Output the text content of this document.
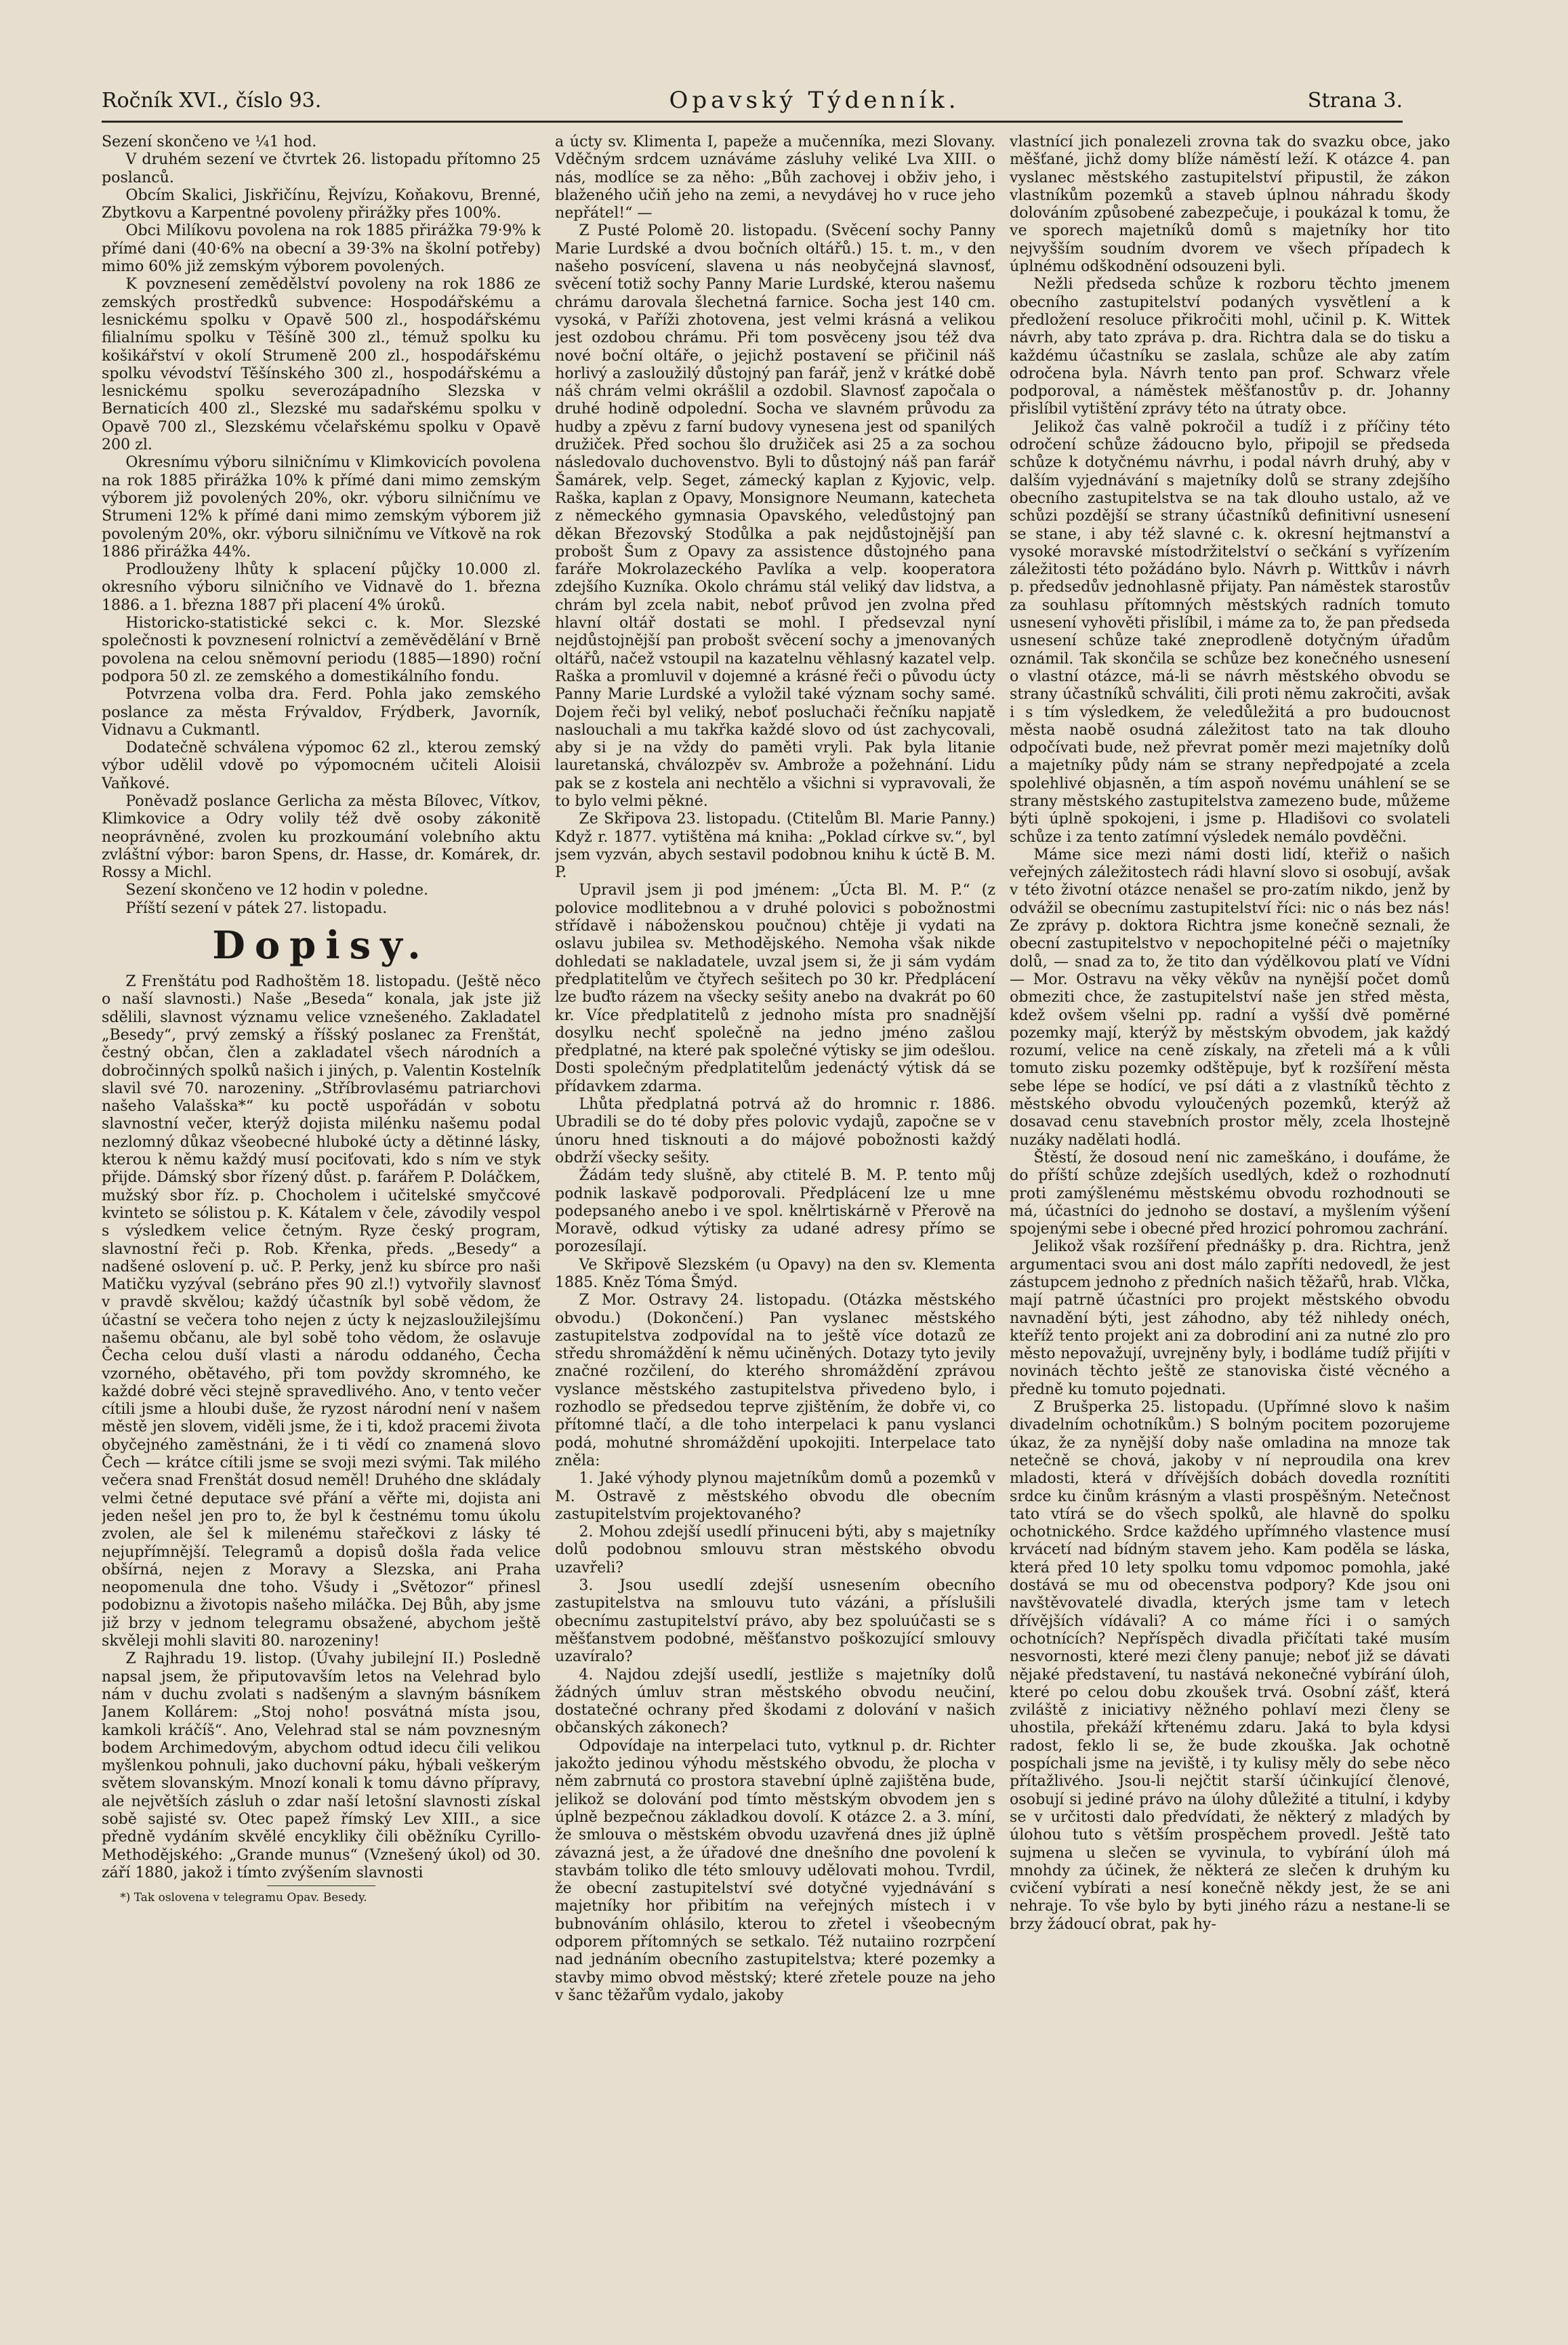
Ročník XVI., číslo 93.	Opavský Týdenník.	Strana 3.

Sezení skončeno ve ¼1 hod.

V druhém sezení ve čtvrtek 26. listopadu přítomno 25 poslanců.

Obcím Skalici, Jiskřičínu, Řejvízu, Koňakovu, Brenné, Zbytkovu a Karpentné povoleny přirážky přes 100%.

Obci Milíkovu povolena na rok 1885 přirážka 79·9% k přímé dani (40·6% na obecní a 39·3% na školní potřeby) mimo 60% již zemským výborem povolených.

K povznesení zemědělství povoleny na rok 1886 ze zemských prostředků subvence: Hospodářskému a lesnickému spolku v Opavě 500 zl., hospodářskému filialnímu spolku v Těšíně 300 zl., témuž spolku ku košikářství v okolí Strumeně 200 zl., hospodářskému spolku vévodství Těšínského 300 zl., hospodářskému a lesnickému spolku severozápadního Slezska v Bernaticích 400 zl., Slezské mu sadařskému spolku v Opavě 700 zl., Slezskému včelařskému spolku v Opavě 200 zl.

Okresnímu výboru silničnímu v Klimkovicích povolena na rok 1885 přirážka 10% k přímé dani mimo zemským výborem již povolených 20%, okr. výboru silničnímu ve Strumeni 12% k přímé dani mimo zemským výborem již povoleným 20%, okr. výboru silničnímu ve Vítkově na rok 1886 přirážka 44%.

Prodlouženy lhůty k splacení půjčky 10.000 zl. okresního výboru silničního ve Vidnavě do 1. března 1886. a 1. března 1887 při placení 4% úroků.

Historicko-statistické sekci c. k. Mor. Slezské společnosti k povznesení rolnictví a zeměvědělání v Brně povolena na celou sněmovní periodu (1885—1890) roční podpora 50 zl. ze zemského a domestikálního fondu.

Potvrzena volba dra. Ferd. Pohla jako zemského poslance za města Frývaldov, Frýdberk, Javorník, Vidnavu a Cukmantl.

Dodatečně schválena výpomoc 62 zl., kterou zemský výbor udělil vdově po výpomocném učiteli Aloisii Vaňkové.

Poněvadž poslance Gerlicha za města Bílovec, Vítkov, Klimkovice a Odry volily též dvě osoby zákonitě neoprávněné, zvolen ku prozkoumání volebního aktu zvláštní výbor: baron Spens, dr. Hasse, dr. Komárek, dr. Rossy a Michl.

Sezení skončeno ve 12 hodin v poledne.

Příští sezení v pátek 27. listopadu.

Dopisy.

Z Frenštátu pod Radhoštěm 18. listopadu. (Ještě něco o naší slavnosti.) Naše „Beseda“ konala, jak jste již sdělili, slavnost významu velice vznešeného. Zakladatel „Besedy“, prvý zemský a říšský poslanec za Frenštát, čestný občan, člen a zakladatel všech národních a dobročinných spolků našich i jiných, p. Valentin Kostelník slavil své 70. narozeniny. „Stříbrovlasému patriarchovi našeho Valašska*“ ku poctě uspořádán v sobotu slavnostní večer, kterýž dojista milénku našemu podal nezlomný důkaz všeobecné hluboké úcty a dětinné lásky, kterou k němu každý musí pociťovati, kdo s ním ve styk přijde. Dámský sbor řízený důst. p. farářem P. Doláčkem, mužský sbor říz. p. Chocholem i učitelské smyčcové kvinteto se sólistou p. K. Kátalem v čele, závodily vespol s výsledkem velice četným. Ryze český program, slavnostní řeči p. Rob. Křenka, předs. „Besedy“ a nadšené oslovení p. uč. P. Perky, jenž ku sbírce pro naši Matičku vyzýval (sebráno přes 90 zl.!) vytvořily slavnosť v pravdě skvělou; každý účastník byl sobě vědom, že účastní se večera toho nejen z úcty k nejzasloužilejšímu našemu občanu, ale byl sobě toho vědom, že oslavuje Čecha celou duší vlasti a národu oddaného, Čecha vzorného, obětavého, při tom povždy skromného, ke každé dobré věci stejně spravedlivého. Ano, v tento večer cítili jsme a hloubi duše, že ryzost národní není v našem městě jen slovem, viděli jsme, že i ti, kdož pracemi života obyčejného zaměstnáni, že i ti vědí co znamená slovo Čech — krátce cítili jsme se svoji mezi svými. Tak milého večera snad Frenštát dosud neměl! Druhého dne skládaly velmi četné deputace své přání a věřte mi, dojista ani jeden nešel jen pro to, že byl k čestnému tomu úkolu zvolen, ale šel k milenému stařečkovi z lásky té nejupřímnější. Telegramů a dopisů došla řada velice obšírná, nejen z Moravy a Slezska, ani Praha neopomenula dne toho. Všudy i „Světozor“ přinesl podobiznu a životopis našeho miláčka. Dej Bůh, aby jsme již brzy v jednom telegramu obsažené, abychom ještě skvěleji mohli slaviti 80. narozeniny!

Z Rajhradu 19. listop. (Úvahy jubilejní II.) Posledně napsal jsem, že připutovavším letos na Velehrad bylo nám v duchu zvolati s nadšeným a slavným básníkem Janem Kollárem: „Stoj noho! posvátná místa jsou, kamkoli kráčíš“. Ano, Velehrad stal se nám povznesným bodem Archimedovým, abychom odtud idecu čili velikou myšlenkou pohnuli, jako duchovní páku, hýbali veškerým světem slovanským. Mnozí konali k tomu dávno přípravy, ale největších zásluh o zdar naší letošní slavnosti získal sobě sajisté sv. Otec papež římský Lev XIII., a sice předně vydáním skvělé encykliky čili oběžníku Cyrillo-Methodějského: „Grande munus“ (Vznešený úkol) od 30. září 1880, jakož i tímto zvýšením slavnosti

*) Tak oslovena v telegramu Opav. Besedy.

a úcty sv. Klimenta I, papeže a mučenníka, mezi Slovany. Vděčným srdcem uznáváme zásluhy veliké Lva XIII. o nás, modlíce se za něho: „Bůh zachovej i obživ jeho, i blaženého učiň jeho na zemi, a nevydávej ho v ruce jeho nepřátel!“ —

Z Pusté Polomě 20. listopadu. (Svěcení sochy Panny Marie Lurdské a dvou bočních oltářů.) 15. t. m., v den našeho posvícení, slavena u nás neobyčejná slavnosť, svěcení totiž sochy Panny Marie Lurdské, kterou našemu chrámu darovala šlechetná farnice. Socha jest 140 cm. vysoká, v Paříži zhotovena, jest velmi krásná a velikou jest ozdobou chrámu. Při tom posvěceny jsou též dva nové boční oltáře, o jejichž postavení se přičinil náš horlivý a zasloužilý důstojný pan farář, jenž v krátké době náš chrám velmi okrášlil a ozdobil. Slavnosť započala o druhé hodině odpolední. Socha ve slavném průvodu za hudby a zpěvu z farní budovy vynesena jest od spanilých družiček. Před sochou šlo družiček asi 25 a za sochou následovalo duchovenstvo. Byli to důstojný náš pan farář Šamárek, velp. Seget, zámecký kaplan z Kyjovic, velp. Raška, kaplan z Opavy, Monsignore Neumann, katecheta z německého gymnasia Opavského, veledůstojný pan děkan Březovský Stodůlka a pak nejdůstojnější pan probošt Šum z Opavy za assistence důstojného pana faráře Mokrolazeckého Pavlíka a velp. kooperatora zdejšího Kuzníka. Okolo chrámu stál veliký dav lidstva, a chrám byl zcela nabit, neboť průvod jen zvolna před hlavní oltář dostati se mohl. I předsevzal nyní nejdůstojnější pan probošt svěcení sochy a jmenovaných oltářů, načež vstoupil na kazatelnu věhlasný kazatel velp. Raška a promluvil v dojemné a krásné řeči o původu úcty Panny Marie Lurdské a vyložil také význam sochy samé. Dojem řeči byl veliký, neboť posluchači řečníku napjatě naslouchali a mu takřka každé slovo od úst zachycovali, aby si je na vždy do paměti vryli. Pak byla litanie lauretanská, chválozpěv sv. Ambrože a požehnání. Lidu pak se z kostela ani nechtělo a všichni si vypravovali, že to bylo velmi pěkné.

Ze Skřipova 23. listopadu. (Ctitelům Bl. Marie Panny.) Když r. 1877. vytištěna má kniha: „Poklad církve sv.“, byl jsem vyzván, abych sestavil podobnou knihu k úctě B. M. P.

Upravil jsem ji pod jménem: „Úcta Bl. M. P.“ (z polovice modlitebnou a v druhé polovici s pobožnostmi střídavě i náboženskou poučnou) chtěje ji vydati na oslavu jubilea sv. Methodějského. Nemoha však nikde dohledati se nakladatele, uvzal jsem si, že ji sám vydám předplatitelům ve čtyřech sešitech po 30 kr. Předplácení lze buďto rázem na všecky sešity anebo na dvakrát po 60 kr. Více předplatitelů z jednoho místa pro snadnější dosylku nechť společně na jedno jméno zašlou předplatné, na které pak společné výtisky se jim odešlou. Dosti společným předplatitelům jedenáctý výtisk dá se přídavkem zdarma.

Lhůta předplatná potrvá až do hromnic r. 1886. Ubradili se do té doby přes polovic vydajů, započne se v únoru hned tisknouti a do májové pobožnosti každý obdrží všecky sešity.

Žádám tedy slušně, aby ctitelé B. M. P. tento můj podnik laskavě podporovali. Předplácení lze u mne podepsaného anebo i ve spol. knělrtiskárně v Přerově na Moravě, odkud výtisky za udané adresy přímo se porozesílají.

Ve Skřipově Slezském (u Opavy) na den sv. Klementa 1885. Kněz Tóma Šmýd.

Z Mor. Ostravy 24. listopadu. (Otázka městského obvodu.) (Dokončení.) Pan vyslanec městského zastupitelstva zodpovídal na to ještě více dotazů ze středu shromáždění k němu učiněných. Dotazy tyto jevily značné rozčilení, do kterého shromáždění zprávou vyslance městského zastupitelstva přivedeno bylo, i rozhodlo se předsedou teprve zjištěním, že dobře vi, co přítomné tlačí, a dle toho interpelaci k panu vyslanci podá, mohutné shromáždění upokojiti. Interpelace tato zněla:

1. Jaké výhody plynou majetníkům domů a pozemků v M. Ostravě z městského obvodu dle obecním zastupitelstvím projektovaného?

2. Mohou zdejší usedlí přinuceni býti, aby s majetníky dolů podobnou smlouvu stran městského obvodu uzavřeli?

3. Jsou usedlí zdejší usnesením obecního zastupitelstva na smlouvu tuto vázáni, a příslušili obecnímu zastupitelství právo, aby bez spoluúčasti se s měšťanstvem podobné, měšťanstvo poškozující smlouvy uzavíralo?

4. Najdou zdejší usedlí, jestliže s majetníky dolů žádných úmluv stran městského obvodu neučiní, dostatečné ochrany před škodami z dolování v našich občanských zákonech?

Odpovídaje na interpelaci tuto, vytknul p. dr. Richter jakožto jedinou výhodu městského obvodu, že plocha v něm zabrnutá co prostora stavební úplně zajištěna bude, jelikož se dolování pod tímto městským obvodem jen s úplně bezpečnou základkou dovolí. K otázce 2. a 3. míní, že smlouva o městském obvodu uzavřená dnes již úplně závazná jest, a že úřadové dne dnešního dne povolení k stavbám toliko dle této smlouvy udělovati mohou. Tvrdil, že obecní zastupitelství své dotyčné vyjednávání s majetníky hor přibitím na veřejných místech i v bubnováním ohlásilo, kterou to zřetel i všeobecným odporem přítomných se setkalo. Též nutaiino rozrpčení nad jednáním obecního zastupitelstva; které pozemky a stavby mimo obvod městský; které zřetele pouze na jeho v šanc těžařům vydalo, jakoby

vlastnící jich ponalezeli zrovna tak do svazku obce, jako měšťané, jichž domy blíže náměstí leží. K otázce 4. pan vyslanec městského zastupitelství připustil, že zákon vlastníkům pozemků a staveb úplnou náhradu škody dolováním způsobené zabezpečuje, i poukázal k tomu, že ve sporech majetníků domů s majetníky hor tito nejvyšším soudním dvorem ve všech případech k úplnému odškodnění odsouzeni byli.

Nežli předseda schůze k rozboru těchto jmenem obecního zastupitelství podaných vysvětlení a k předložení resoluce přikročiti mohl, učinil p. K. Wittek návrh, aby tato zpráva p. dra. Richtra dala se do tisku a každému účastníku se zaslala, schůze ale aby zatím odročena byla. Návrh tento pan prof. Schwarz vřele podporoval, a náměstek měšťanostův p. dr. Johanny přislíbil vytištění zprávy této na útraty obce.

Jelikož čas valně pokročil a tudíž i z příčiny této odročení schůze žádoucno bylo, připojil se předseda schůze k dotyčnému návrhu, i podal návrh druhý, aby v dalším vyjednávání s majetníky dolů se strany zdejšího obecního zastupitelstva se na tak dlouho ustalo, až ve schůzi pozdější se strany účastníků definitivní usnesení se stane, i aby též slavné c. k. okresní hejtmanství a vysoké moravské místodržitelství o sečkání s vyřízením záležitosti této požádáno bylo. Návrh p. Wittkův i návrh p. předsedův jednohlasně přijaty. Pan náměstek starostův za souhlasu přítomných městských radních tomuto usnesení vyhověti přislíbil, i máme za to, že pan předseda usnesení schůze také zneprodleně dotyčným úřadům oznámil. Tak skončila se schůze bez konečného usnesení o vlastní otázce, má-li se návrh městského obvodu se strany účastníků schváliti, čili proti němu zakročiti, avšak i s tím výsledkem, že veledůležitá a pro budoucnost města naobě osudná záležitost tato na tak dlouho odpočívati bude, než převrat poměr mezi majetníky dolů a majetníky půdy nám se strany nepředpojaté a zcela spolehlivé objasněn, a tím aspoň novému unáhlení se se strany městského zastupitelstva zamezeno bude, můžeme býti úplně spokojeni, i jsme p. Hladišovi co svolateli schůze i za tento zatímní výsledek nemálo povděčni.

Máme sice mezi námi dosti lidí, kteřiž o našich veřejných záležitostech rádi hlavní slovo si osobují, avšak v této životní otázce nenašel se pro-zatím nikdo, jenž by odvážil se obecnímu zastupitelství říci: nic o nás bez nás! Ze zprávy p. doktora Richtra jsme konečně seznali, že obecní zastupitelstvo v nepochopitelné péči o majetníky dolů, — snad za to, že tito dan výdělkovou platí ve Vídni — Mor. Ostravu na věky věkův na nynější počet domů obmeziti chce, že zastupitelství naše jen střed města, kdež ovšem všelni pp. radní a vyšší dvě poměrné pozemky mají, kterýž by městským obvodem, jak každý rozumí, velice na ceně získaly, na zřeteli má a k vůli tomuto zisku pozemky odštěpuje, byť k rozšíření města sebe lépe se hodící, ve psí dáti a z vlastníků těchto z městského obvodu vyloučených pozemků, kterýž až dosavad cenu stavebních prostor měly, zcela lhostejně nuzáky nadělati hodlá.

Štěstí, že dosoud není nic zameškáno, i doufáme, že do příští schůze zdejších usedlých, kdež o rozhodnutí proti zamýšlenému městskému obvodu rozhodnouti se má, účastníci do jednoho se dostaví, a myšlením výšení spojenými sebe i obecné před hrozicí pohromou zachrání.

Jelikož však rozšíření přednášky p. dra. Richtra, jenž argumentaci svou ani dost málo zapříti nedovedl, že jest zástupcem jednoho z předních našich těžařů, hrab. Vlčka, mají patrně účastníci pro projekt městského obvodu navnadění býti, jest záhodno, aby též nihledy onéch, kteříž tento projekt ani za dobrodiní ani za nutné zlo pro město nepovažují, uvrejněny byly, i bodláme tudíž přijíti v novinách těchto ještě ze stanoviska čisté věcného a předně ku tomuto pojednati.

Z Brušperka 25. listopadu. (Upřímné slovo k našim divadelním ochotníkům.) S bolným pocitem pozorujeme úkaz, že za nynější doby naše omladina na mnoze tak netečně se chová, jakoby v ní neproudila ona krev mladosti, která v dřívějších dobách dovedla roznítiti srdce ku činům krásným a vlasti prospěšným. Netečnost tato vtírá se do všech spolků, ale hlavně do spolku ochotnického. Srdce každého upřímného vlastence musí krvácetí nad bídným stavem jeho. Kam poděla se láska, která před 10 lety spolku tomu vdpomoc pomohla, jaké dostává se mu od obecenstva podpory? Kde jsou oni navštěvovatelé divadla, kterých jsme tam v letech dřívějších vídávali? A co máme říci i o samých ochotnících? Nepříspěch divadla přičítati také musím nesvornosti, které mezi členy panuje; neboť již se dávati nějaké představení, tu nastává nekonečné vybírání úloh, které po celou dobu zkoušek trvá. Osobní zášť, která zviláště z iniciativy něžného pohlaví mezi členy se uhostila, překáží křtenému zdaru. Jaká to byla kdysi radost, feklo li se, že bude zkouška. Jak ochotně pospíchali jsme na jeviště, i ty kulisy měly do sebe něco přítažlivého. Jsou-li nejčtit starší účinkující členové, osobují si jediné právo na úlohy důležité a titulní, i kdyby se v určitosti dalo předvídati, že některý z mladých by úlohou tuto s větším prospěchem provedl. Ještě tato sujmena u slečen se vyvinula, to vybírání úloh má mnohdy za účinek, že některá ze slečen k druhým ku cvičení vybírati a nesí konečně někdy jest, že se ani nehraje. To vše bylo by byti jiného rázu a nestane-li se brzy žádoucí obrat, pak hy-
